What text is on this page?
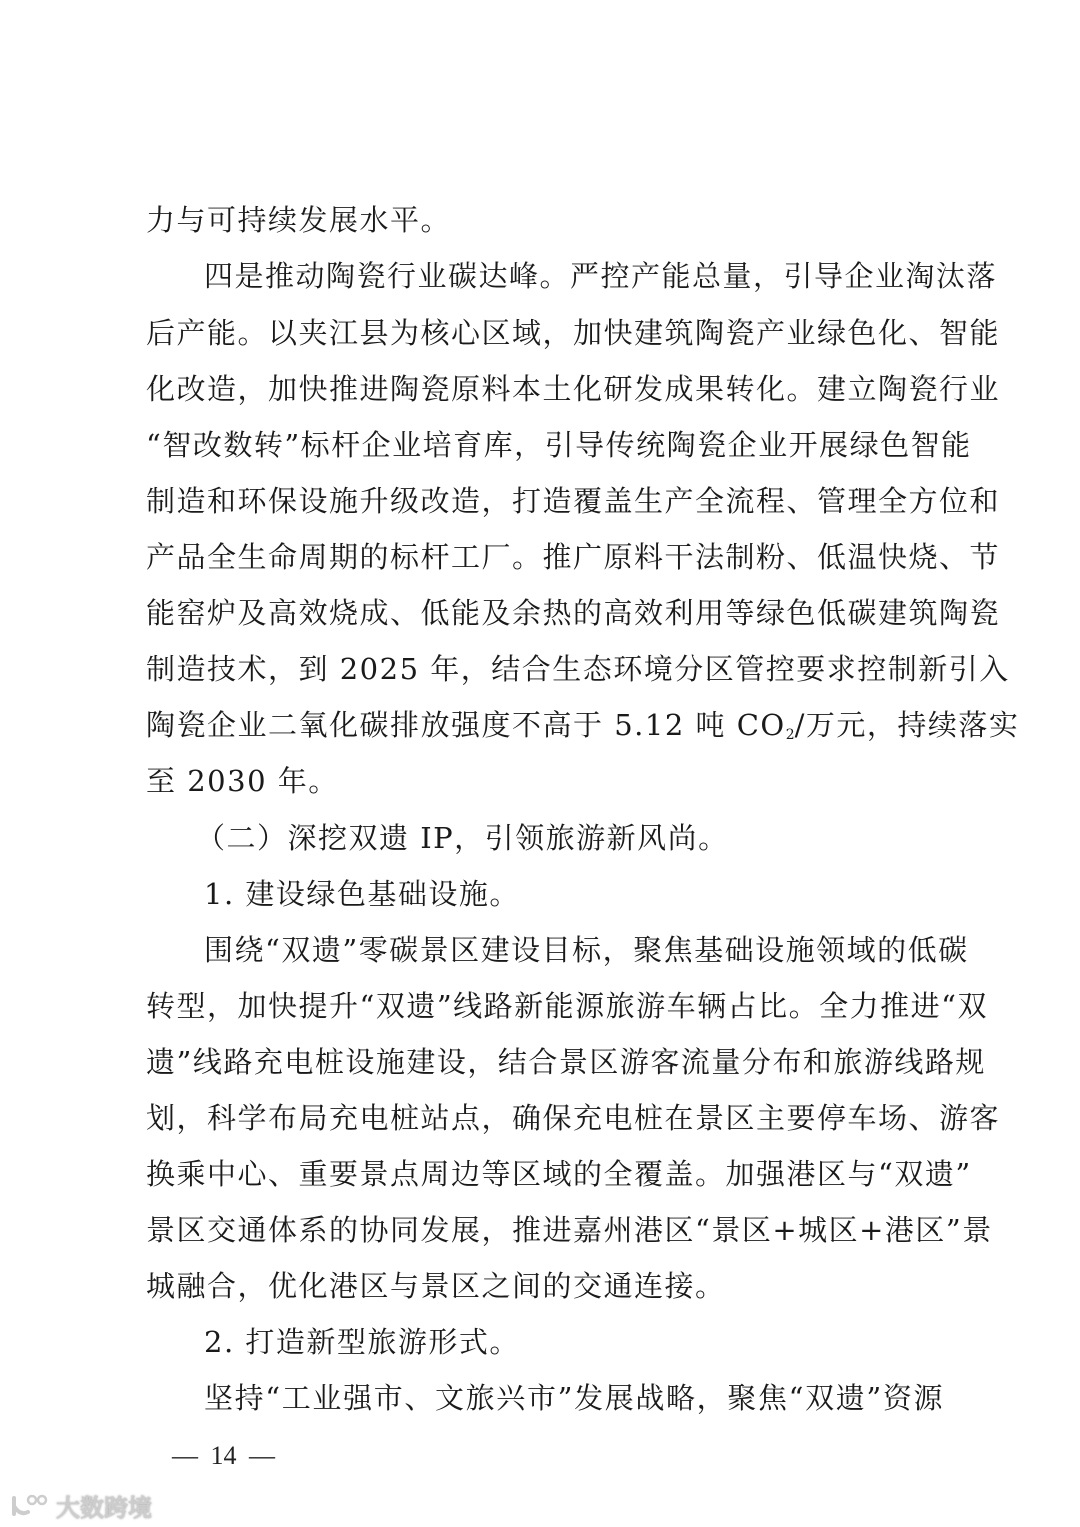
力与可持续发展水平。
四是推动陶瓷行业碳达峰。严控产能总量，引导企业淘汰落
后产能。以夹江县为核心区域，加快建筑陶瓷产业绿色化、智能
化改造，加快推进陶瓷原料本土化研发成果转化。建立陶瓷行业
“智改数转”标杆企业培育库，引导传统陶瓷企业开展绿色智能
制造和环保设施升级改造，打造覆盖生产全流程、管理全方位和
产品全生命周期的标杆工厂。推广原料干法制粉、低温快烧、节
能窑炉及高效烧成、低能及余热的高效利用等绿色低碳建筑陶瓷
制造技术，到 2025 年，结合生态环境分区管控要求控制新引入
陶瓷企业二氧化碳排放强度不高于 5.12 吨 $CO_2/$万元，持续落实
至 2030 年。
（二）深挖双遗 IP，引领旅游新风尚。
1. 建设绿色基础设施。
围绕“双遗”零碳景区建设目标，聚焦基础设施领域的低碳
转型，加快提升“双遗”线路新能源旅游车辆占比。全力推进“双
遗”线路充电桩设施建设，结合景区游客流量分布和旅游线路规
划，科学布局充电桩站点，确保充电桩在景区主要停车场、游客
换乘中心、重要景点周边等区域的全覆盖。加强港区与“双遗”
景区交通体系的协同发展，推进嘉州港区“景区+城区+港区”景
城融合，优化港区与景区之间的交通连接。
2. 打造新型旅游形式。
坚持“工业强市、文旅兴市”发展战略，聚焦“双遗”资源
— 14 —
大数跨境
